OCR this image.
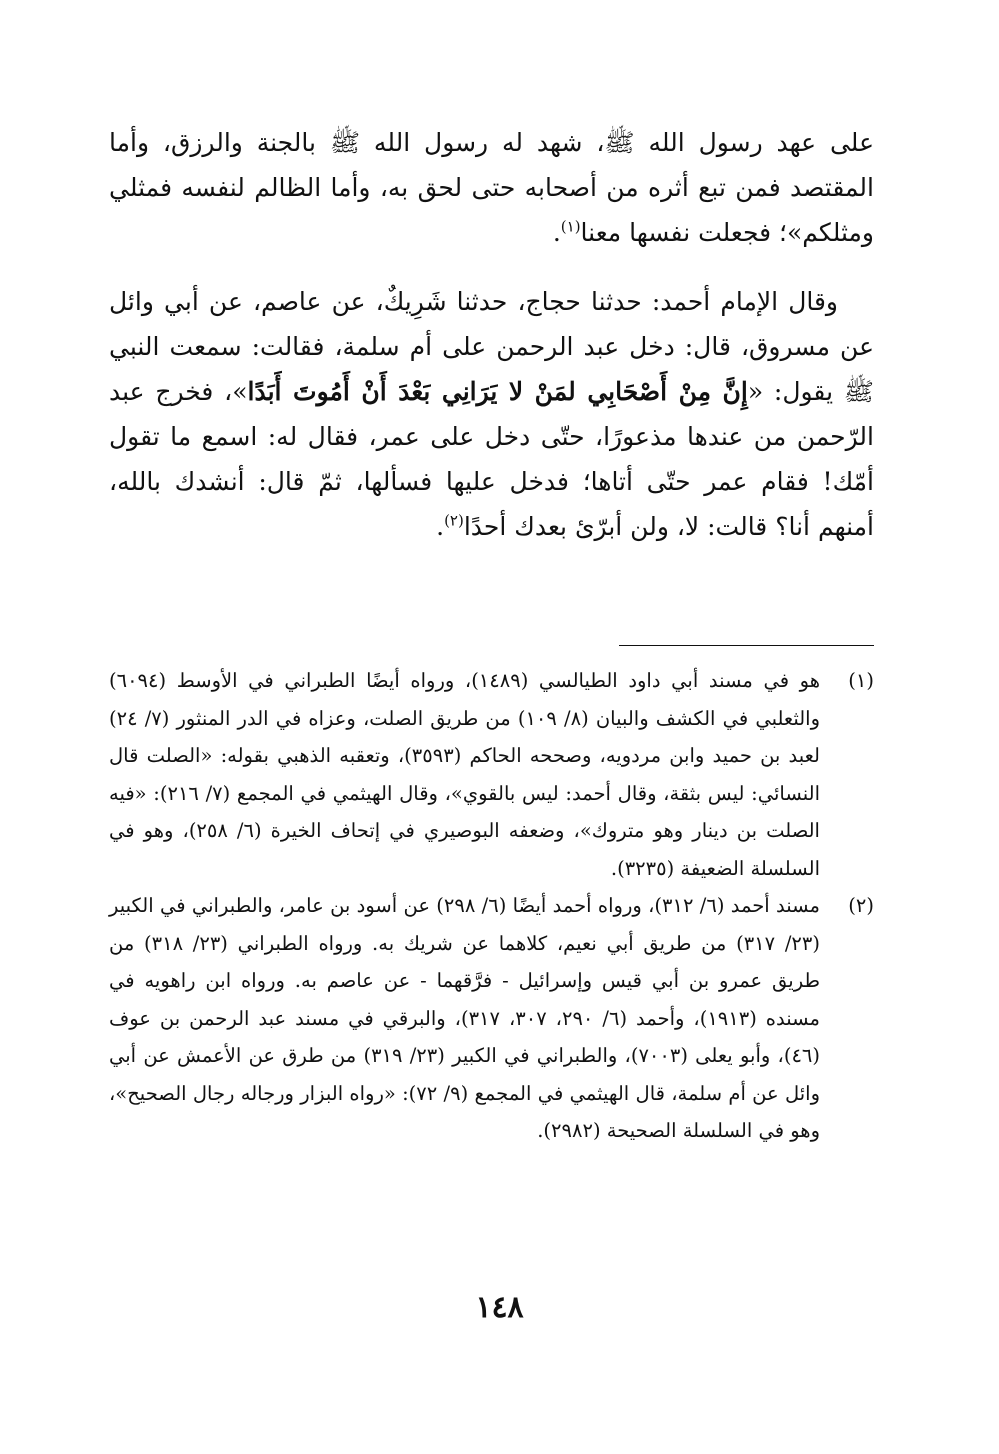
على عهد رسول الله ﷺ، شهد له رسول الله ﷺ بالجنة والرزق، وأما المقتصد فمن تبع أثره من أصحابه حتى لحق به، وأما الظالم لنفسه فمثلي ومثلكم»؛ فجعلت نفسها معنا$^{(١)}$.

وقال الإمام أحمد: حدثنا حجاج، حدثنا شَرِيكٌ، عن عاصم، عن أبي وائل عن مسروق، قال: دخل عبد الرحمن على أم سلمة، فقالت: سمعت النبي ﷺ يقول: «إِنَّ مِنْ أَصْحَابِي لمَنْ لا يَرَانِي بَعْدَ أَنْ أَمُوتَ أَبَدًا»، فخرج عبد الرّحمن من عندها مذعورًا، حتّى دخل على عمر، فقال له: اسمع ما تقول أمّك! فقام عمر حتّى أتاها؛ فدخل عليها فسألها، ثمّ قال: أنشدك بالله، أمنهم أنا؟ قالت: لا، ولن أبرّئ بعدك أحدًا$^{(٢)}$.

(١)
هو في مسند أبي داود الطيالسي (١٤٨٩)، ورواه أيضًا الطبراني في الأوسط (٦٠٩٤) والثعلبي في الكشف والبيان (٨/ ١٠٩) من طريق الصلت، وعزاه في الدر المنثور (٧/ ٢٤) لعبد بن حميد وابن مردويه، وصححه الحاكم (٣٥٩٣)، وتعقبه الذهبي بقوله: «الصلت قال النسائي: ليس بثقة، وقال أحمد: ليس بالقوي»، وقال الهيثمي في المجمع (٧/ ٢١٦): «فيه الصلت بن دينار وهو متروك»، وضعفه البوصيري في إتحاف الخيرة (٦/ ٢٥٨)، وهو في السلسلة الضعيفة (٣٢٣٥).
(٢)
مسند أحمد (٦/ ٣١٢)، ورواه أحمد أيضًا (٦/ ٢٩٨) عن أسود بن عامر، والطبراني في الكبير (٢٣/ ٣١٧) من طريق أبي نعيم، كلاهما عن شريك به. ورواه الطبراني (٢٣/ ٣١٨) من طريق عمرو بن أبي قيس وإسرائيل - فرَّقهما - عن عاصم به. ورواه ابن راهويه في مسنده (١٩١٣)، وأحمد (٦/ ٢٩٠، ٣٠٧، ٣١٧)، والبرقي في مسند عبد الرحمن بن عوف (٤٦)، وأبو يعلى (٧٠٠٣)، والطبراني في الكبير (٢٣/ ٣١٩) من طرق عن الأعمش عن أبي وائل عن أم سلمة، قال الهيثمي في المجمع (٩/ ٧٢): «رواه البزار ورجاله رجال الصحيح»، وهو في السلسلة الصحيحة (٢٩٨٢).
١٤٨
